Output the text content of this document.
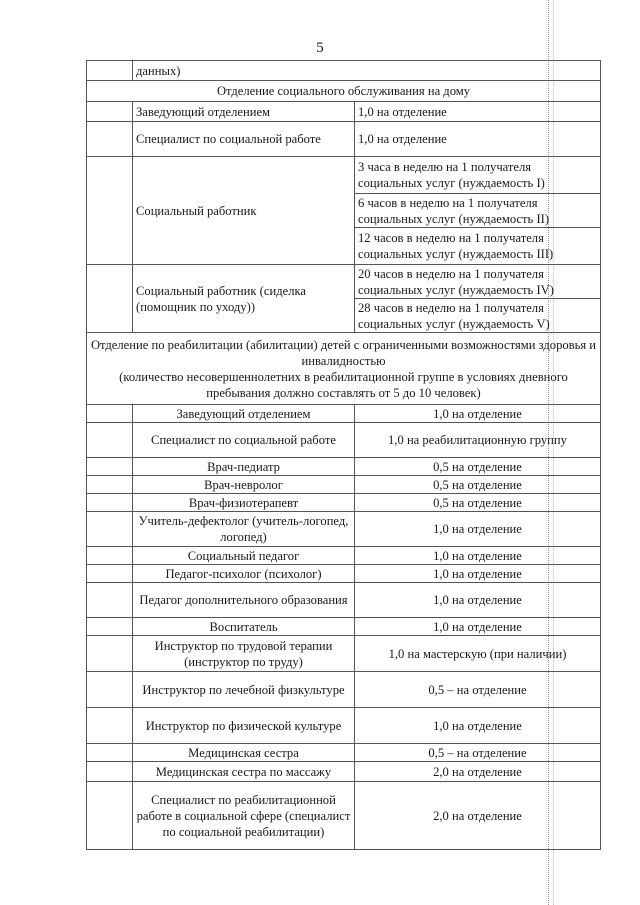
5
	данных)	
Отделение социального обслуживания на дому		
	Заведующий отделением	1,0 на отделение
	Специалист по социальной работе	1,0 на отделение
	Социальный работник	3 часа в неделю на 1 получателя социальных услуг (нуждаемость I)
		6 часов в неделю на 1 получателя социальных услуг (нуждаемость II)
		12 часов в неделю на 1 получателя социальных услуг (нуждаемость III)
	Социальный работник (сиделка (помощник по уходу))	20 часов в неделю на 1 получателя социальных услуг (нуждаемость IV)
		28 часов в неделю на 1 получателя социальных услуг (нуждаемость V)

Отделение по реабилитации (абилитации) детей с ограниченными возможностями здоровья и инвалидностью
(количество несовершеннолетних в реабилитационной группе в условиях дневного пребывания должно составлять от 5 до 10 человек)		

	Заведующий отделением	1,0 на отделение
	Специалист по социальной работе	1,0 на реабилитационную группу
	Врач-педиатр	0,5 на отделение
	Врач-невролог	0,5 на отделение
	Врач-физиотерапевт	0,5 на отделение
	Учитель-дефектолог (учитель-логопед, логопед)	1,0 на отделение
	Социальный педагог	1,0 на отделение
	Педагог-психолог (психолог)	1,0 на отделение
	Педагог дополнительного образования	1,0 на отделение
	Воспитатель	1,0 на отделение
	Инструктор по трудовой терапии (инструктор по труду)	1,0 на мастерскую (при наличии)
	Инструктор по лечебной физкультуре	0,5 – на отделение
	Инструктор по физической культуре	1,0 на отделение
	Медицинская сестра	0,5 – на отделение
	Медицинская сестра по массажу	2,0 на отделение
	Специалист по реабилитационной работе в социальной сфере (специалист по социальной реабилитации)	2,0 на отделение
